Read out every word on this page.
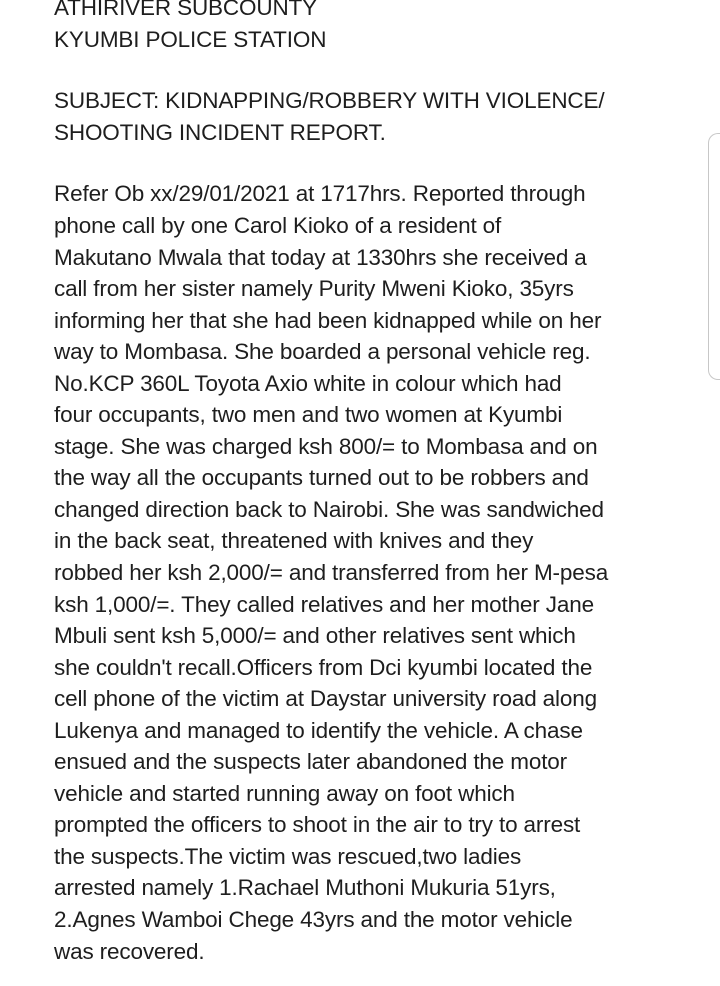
ATHIRIVER SUBCOUNTY
KYUMBI POLICE STATION
SUBJECT: KIDNAPPING/ROBBERY WITH VIOLENCE/
SHOOTING INCIDENT REPORT.
Refer Ob xx/29/01/2021 at 1717hrs. Reported through
phone call by one Carol Kioko of a resident of
Makutano Mwala that today at 1330hrs she received a
call from her sister namely Purity Mweni Kioko, 35yrs
informing her that she had been kidnapped while on her
way to Mombasa. She boarded a personal vehicle reg.
No.KCP 360L Toyota Axio white in colour which had
four occupants, two men and two women at Kyumbi
stage. She was charged ksh 800/= to Mombasa and on
the way all the occupants turned out to be robbers and
changed direction back to Nairobi. She was sandwiched
in the back seat, threatened with knives and they
robbed her ksh 2,000/= and transferred from her M-pesa
ksh 1,000/=. They called relatives and her mother Jane
Mbuli sent ksh 5,000/= and other relatives sent which
she couldn't recall.Officers from Dci kyumbi located the
cell phone of the victim at Daystar university road along
Lukenya and managed to identify the vehicle. A chase
ensued and the suspects later abandoned the motor
vehicle and started running away on foot which
prompted the officers to shoot in the air to try to arrest
the suspects.The victim was rescued,two ladies
arrested namely 1.Rachael Muthoni Mukuria 51yrs,
2.Agnes Wamboi Chege 43yrs and the motor vehicle
was recovered.
